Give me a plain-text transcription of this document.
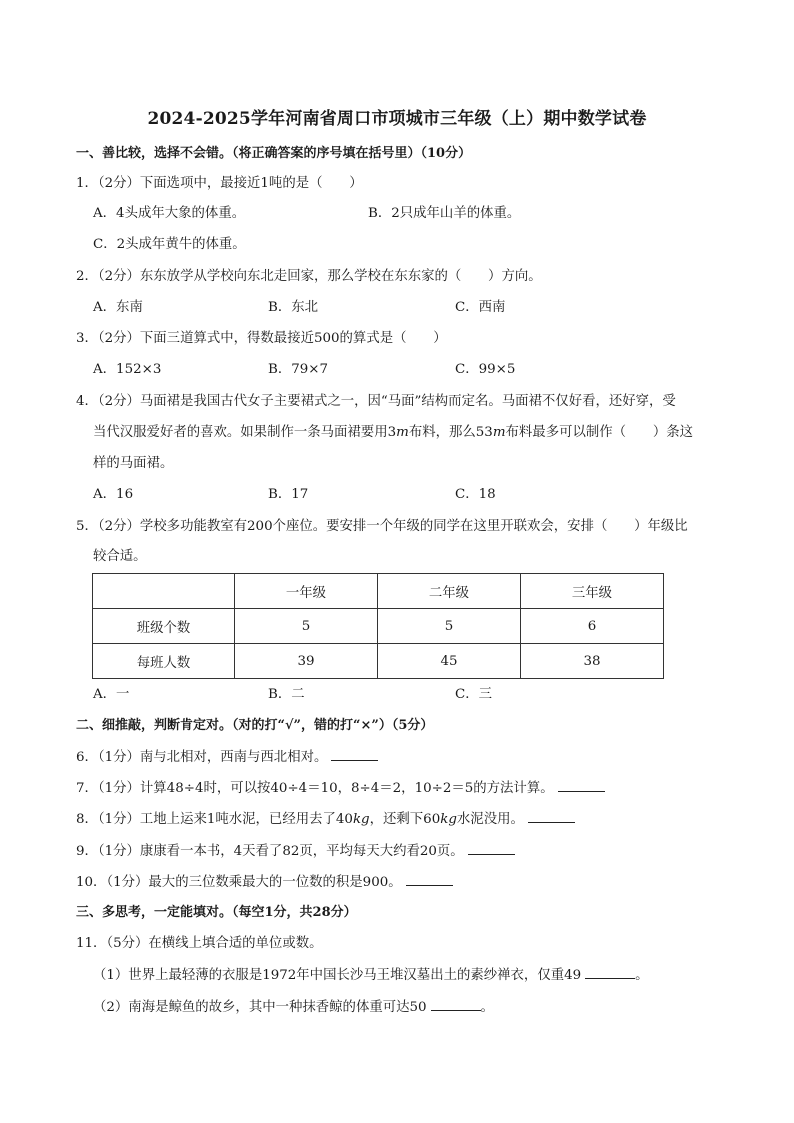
2024-2025学年河南省周口市项城市三年级（上）期中数学试卷
一、善比较，选择不会错。（将正确答案的序号填在括号里）（10分）
1．（2分）下面选项中，最接近1吨的是（　　）
A．4头成年大象的体重。	B．2只成年山羊的体重。
C．2头成年黄牛的体重。
2．（2分）东东放学从学校向东北走回家，那么学校在东东家的（　　）方向。
A．东南	B．东北	C．西南
3．（2分）下面三道算式中，得数最接近500的算式是（　　）
A．152×3	B．79×7	C．99×5
4．（2分）马面裙是我国古代女子主要裙式之一，因“马面”结构而定名。马面裙不仅好看，还好穿，受
当代汉服爱好者的喜欢。如果制作一条马面裙要用3m布料，那么53m布料最多可以制作（　　）条这
样的马面裙。
A．16	B．17	C．18
5．（2分）学校多功能教室有200个座位。要安排一个年级的同学在这里开联欢会，安排（　　）年级比
较合适。
	一年级	二年级	三年级
班级个数	5	5	6
每班人数	39	45	38
A．一	B．二	C．三
二、细推敲，判断肯定对。（对的打“√”，错的打“×”）（5分）
6．（1分）南与北相对，西南与西北相对。
7．（1分）计算48÷4时，可以按40÷4＝10，8÷4＝2，10÷2＝5的方法计算。
8．（1分）工地上运来1吨水泥，已经用去了40kg，还剩下60kg水泥没用。
9．（1分）康康看一本书，4天看了82页，平均每天大约看20页。
10．（1分）最大的三位数乘最大的一位数的积是900。
三、多思考，一定能填对。（每空1分，共28分）
11．（5分）在横线上填合适的单位或数。
（1）世界上最轻薄的衣服是1972年中国长沙马王堆汉墓出土的素纱禅衣，仅重49	。
（2）南海是鲸鱼的故乡，其中一种抹香鲸的体重可达50	。
